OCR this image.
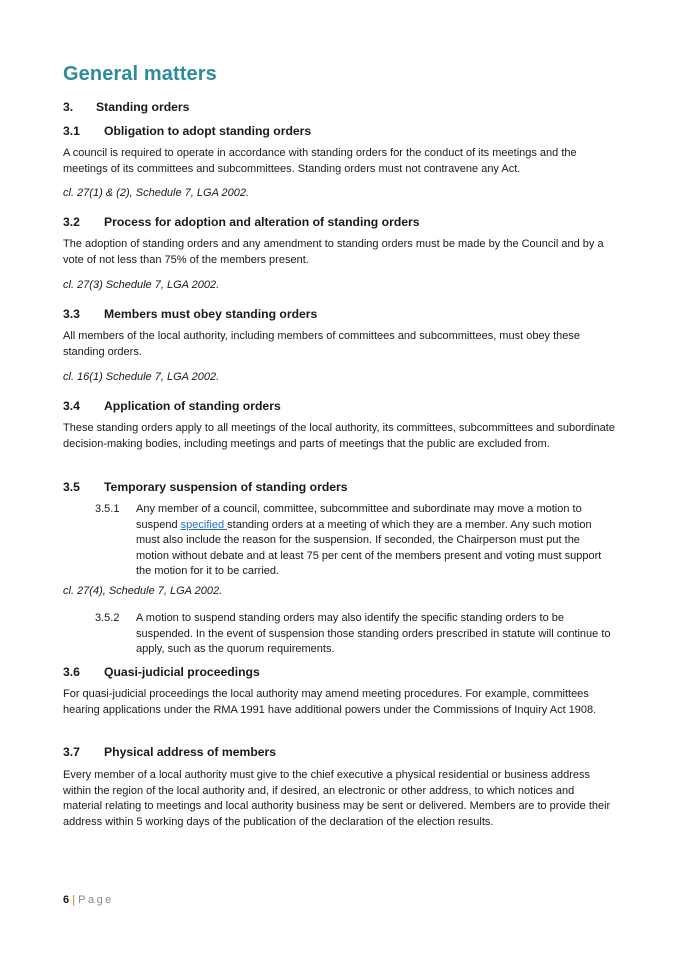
General matters
3. Standing orders
3.1 Obligation to adopt standing orders

A council is required to operate in accordance with standing orders for the conduct of its meetings and the meetings of its committees and subcommittees. Standing orders must not contravene any Act.

cl. 27(1) & (2), Schedule 7, LGA 2002.

3.2 Process for adoption and alteration of standing orders

The adoption of standing orders and any amendment to standing orders must be made by the Council and by a vote of not less than 75% of the members present.

cl. 27(3) Schedule 7, LGA 2002.

3.3 Members must obey standing orders

All members of the local authority, including members of committees and subcommittees, must obey these standing orders.

cl. 16(1) Schedule 7, LGA 2002.

3.4 Application of standing orders

These standing orders apply to all meetings of the local authority, its committees, subcommittees and subordinate decision-making bodies, including meetings and parts of meetings that the public are excluded from.

3.5 Temporary suspension of standing orders
3.5.1 Any member of a council, committee, subcommittee and subordinate may move a motion to suspend specified standing orders at a meeting of which they are a member. Any such motion must also include the reason for the suspension. If seconded, the Chairperson must put the motion without debate and at least 75 per cent of the members present and voting must support the motion for it to be carried.

cl. 27(4), Schedule 7, LGA 2002.

3.5.2 A motion to suspend standing orders may also identify the specific standing orders to be suspended. In the event of suspension those standing orders prescribed in statute will continue to apply, such as the quorum requirements.
3.6 Quasi-judicial proceedings

For quasi-judicial proceedings the local authority may amend meeting procedures. For example, committees hearing applications under the RMA 1991 have additional powers under the Commissions of Inquiry Act 1908.

3.7 Physical address of members

Every member of a local authority must give to the chief executive a physical residential or business address within the region of the local authority and, if desired, an electronic or other address, to which notices and material relating to meetings and local authority business may be sent or delivered. Members are to provide their address within 5 working days of the publication of the declaration of the election results.

6 | Page
